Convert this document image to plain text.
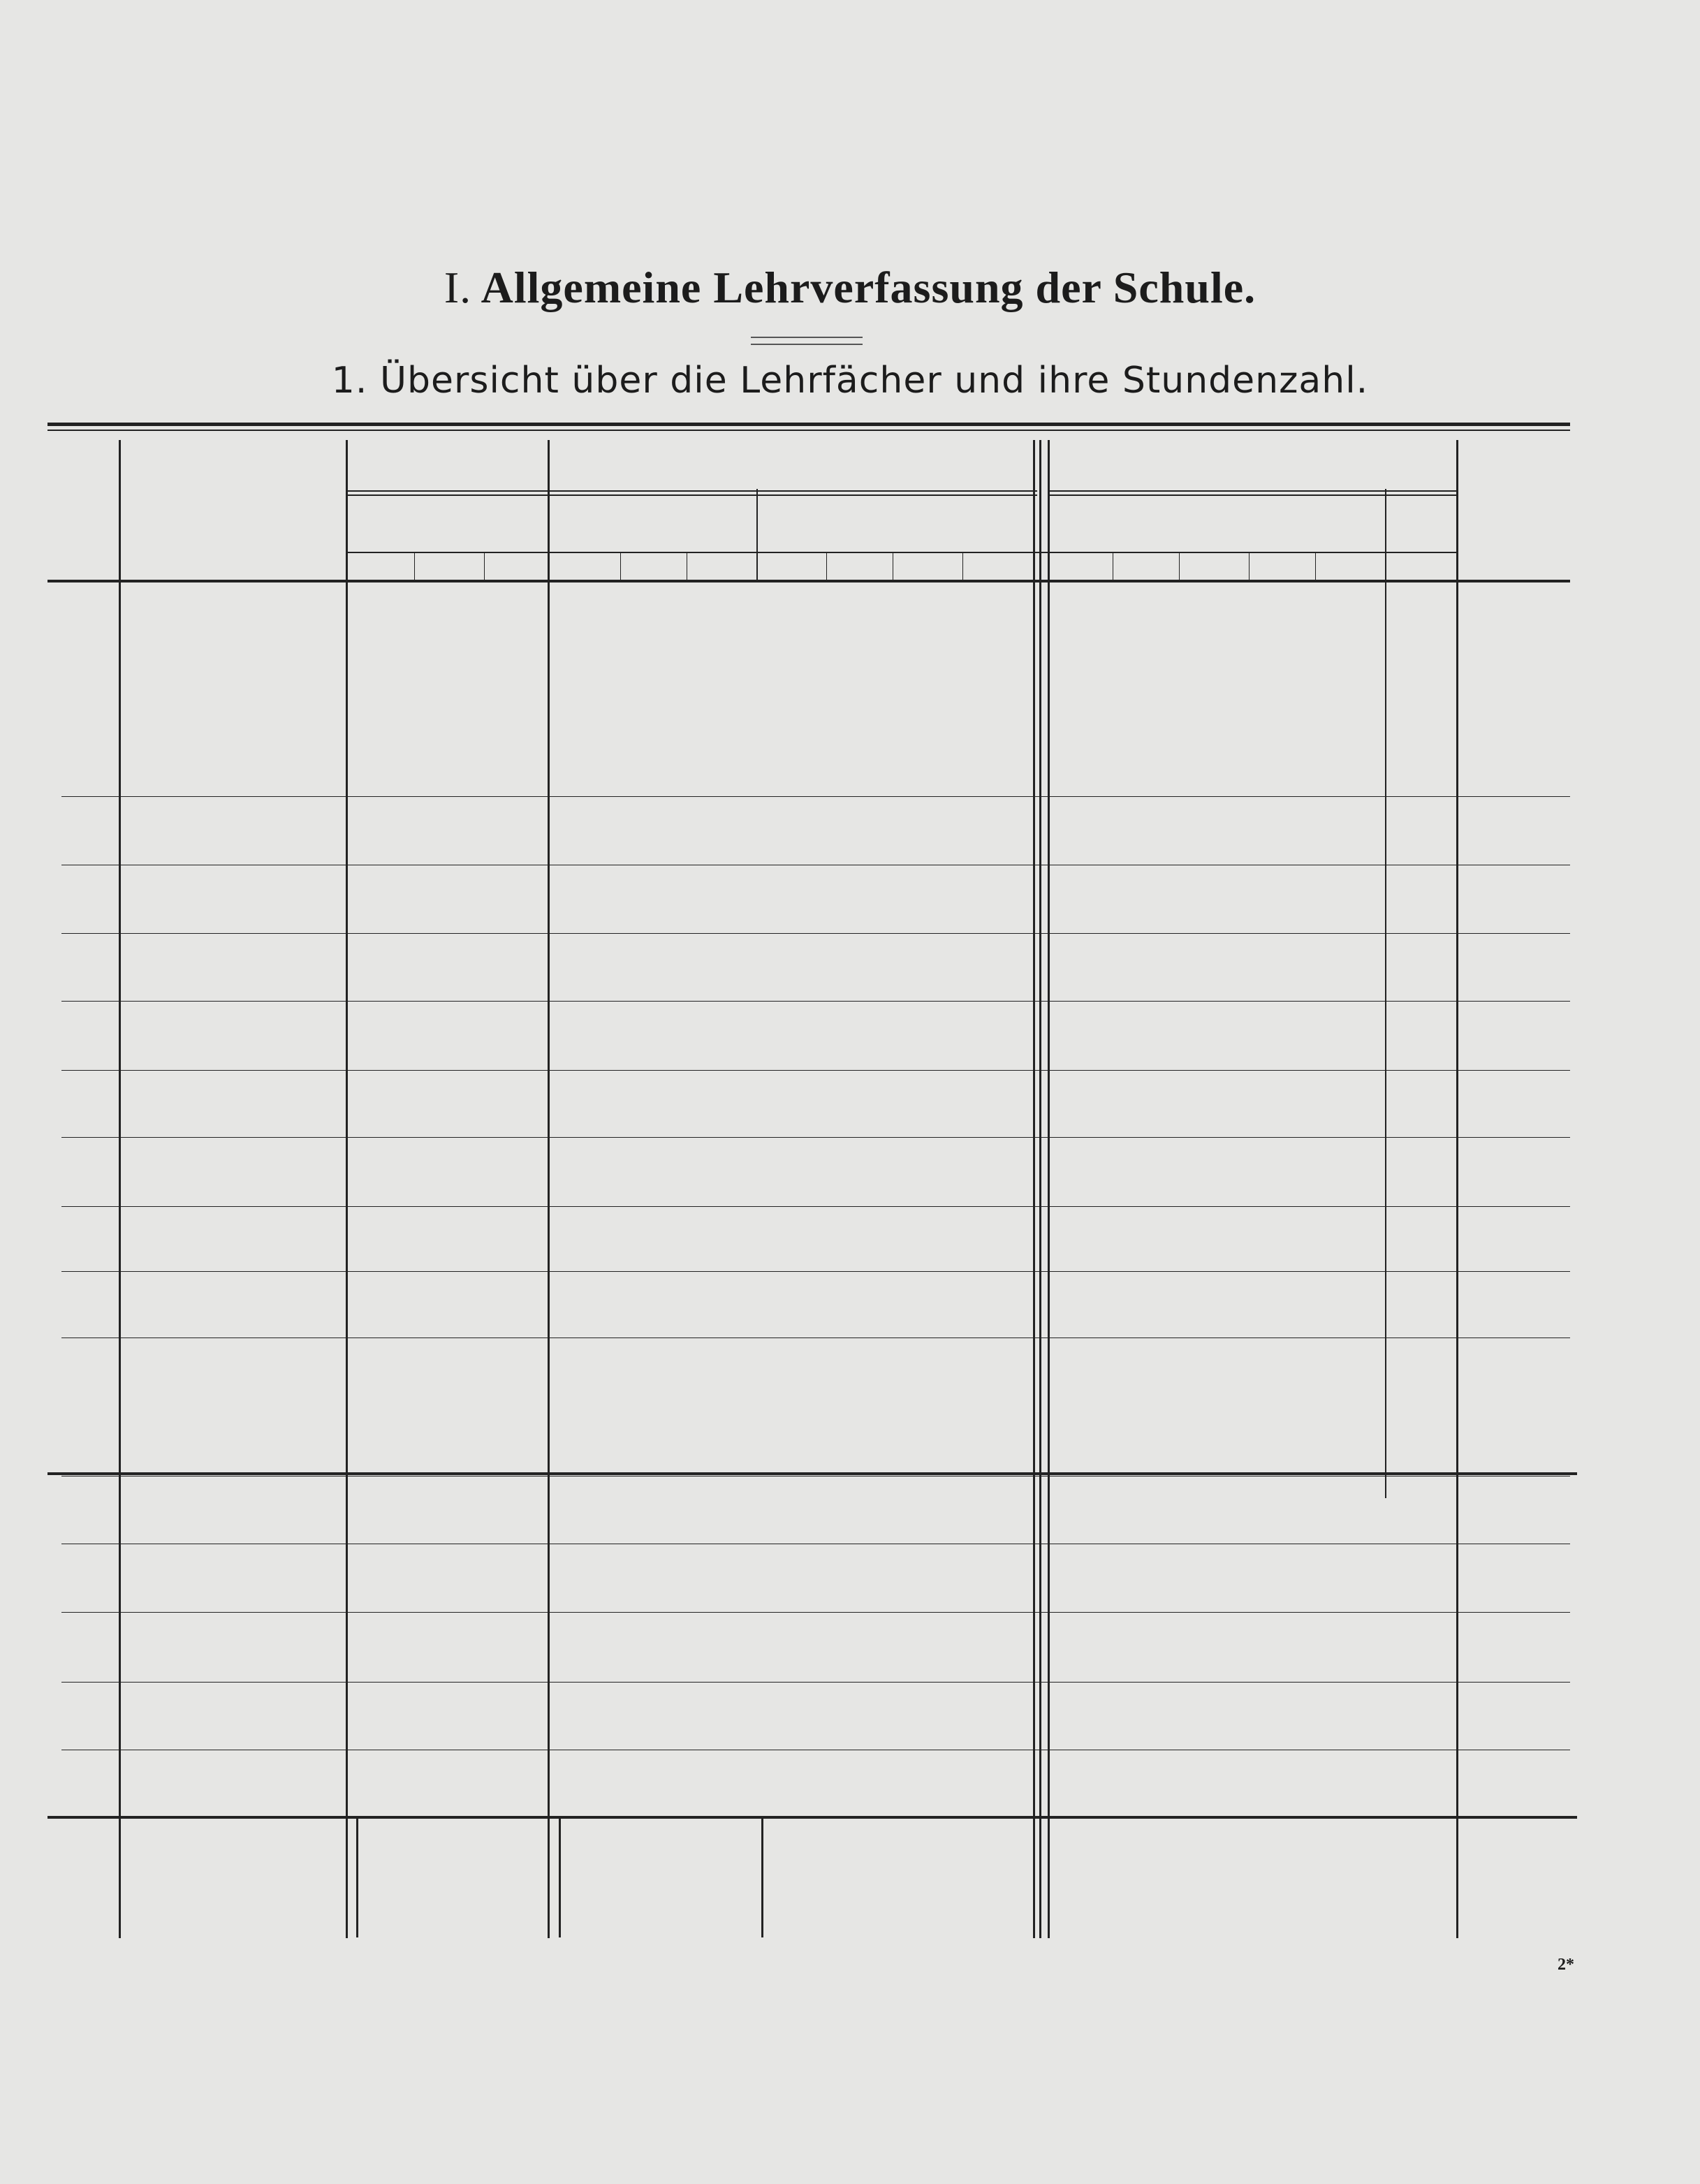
I. Allgemeine Lehrverfassung der Schule.
1. Übersicht über die Lehrfächer und ihre Stundenzahl.
2*
